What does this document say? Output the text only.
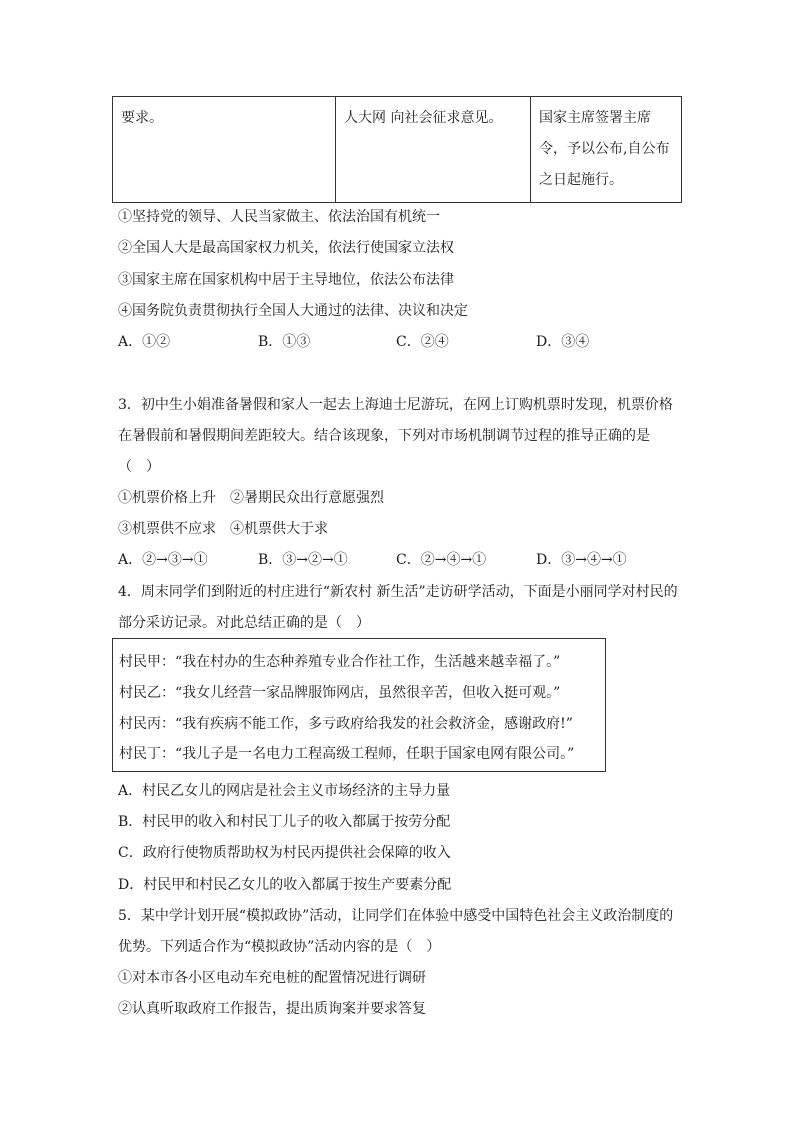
要求。	人大网 向社会征求意见。	国家主席签署主席令，予以公布,自公布之日起施行。
①坚持党的领导、人民当家做主、依法治国有机统一
②全国人大是最高国家权力机关，依法行使国家立法权
③国家主席在国家机构中居于主导地位，依法公布法律
④国务院负责贯彻执行全国人大通过的法律、决议和决定
A．①②	B．①③	C．②④	D．③④
3．初中生小娟准备暑假和家人一起去上海迪士尼游玩，在网上订购机票时发现，机票价格
在暑假前和暑假期间差距较大。结合该现象，下列对市场机制调节过程的推导正确的是
（　）
①机票价格上升　②暑期民众出行意愿强烈
③机票供不应求　④机票供大于求
A．②→③→①	B．③→②→①	C．②→④→①	D．③→④→①
4．周末同学们到附近的村庄进行“新农村 新生活”走访研学活动，下面是小丽同学对村民的
部分采访记录。对此总结正确的是（　）
村民甲：“我在村办的生态种养殖专业合作社工作，生活越来越幸福了。”
村民乙：“我女儿经营一家品牌服饰网店，虽然很辛苦，但收入挺可观。”
村民丙：“我有疾病不能工作，多亏政府给我发的社会救济金，感谢政府!”
村民丁：“我儿子是一名电力工程高级工程师，任职于国家电网有限公司。”
A．村民乙女儿的网店是社会主义市场经济的主导力量
B．村民甲的收入和村民丁儿子的收入都属于按劳分配
C．政府行使物质帮助权为村民丙提供社会保障的收入
D．村民甲和村民乙女儿的收入都属于按生产要素分配
5．某中学计划开展“模拟政协”活动，让同学们在体验中感受中国特色社会主义政治制度的
优势。下列适合作为“模拟政协”活动内容的是（　）
①对本市各小区电动车充电桩的配置情况进行调研
②认真听取政府工作报告，提出质询案并要求答复
